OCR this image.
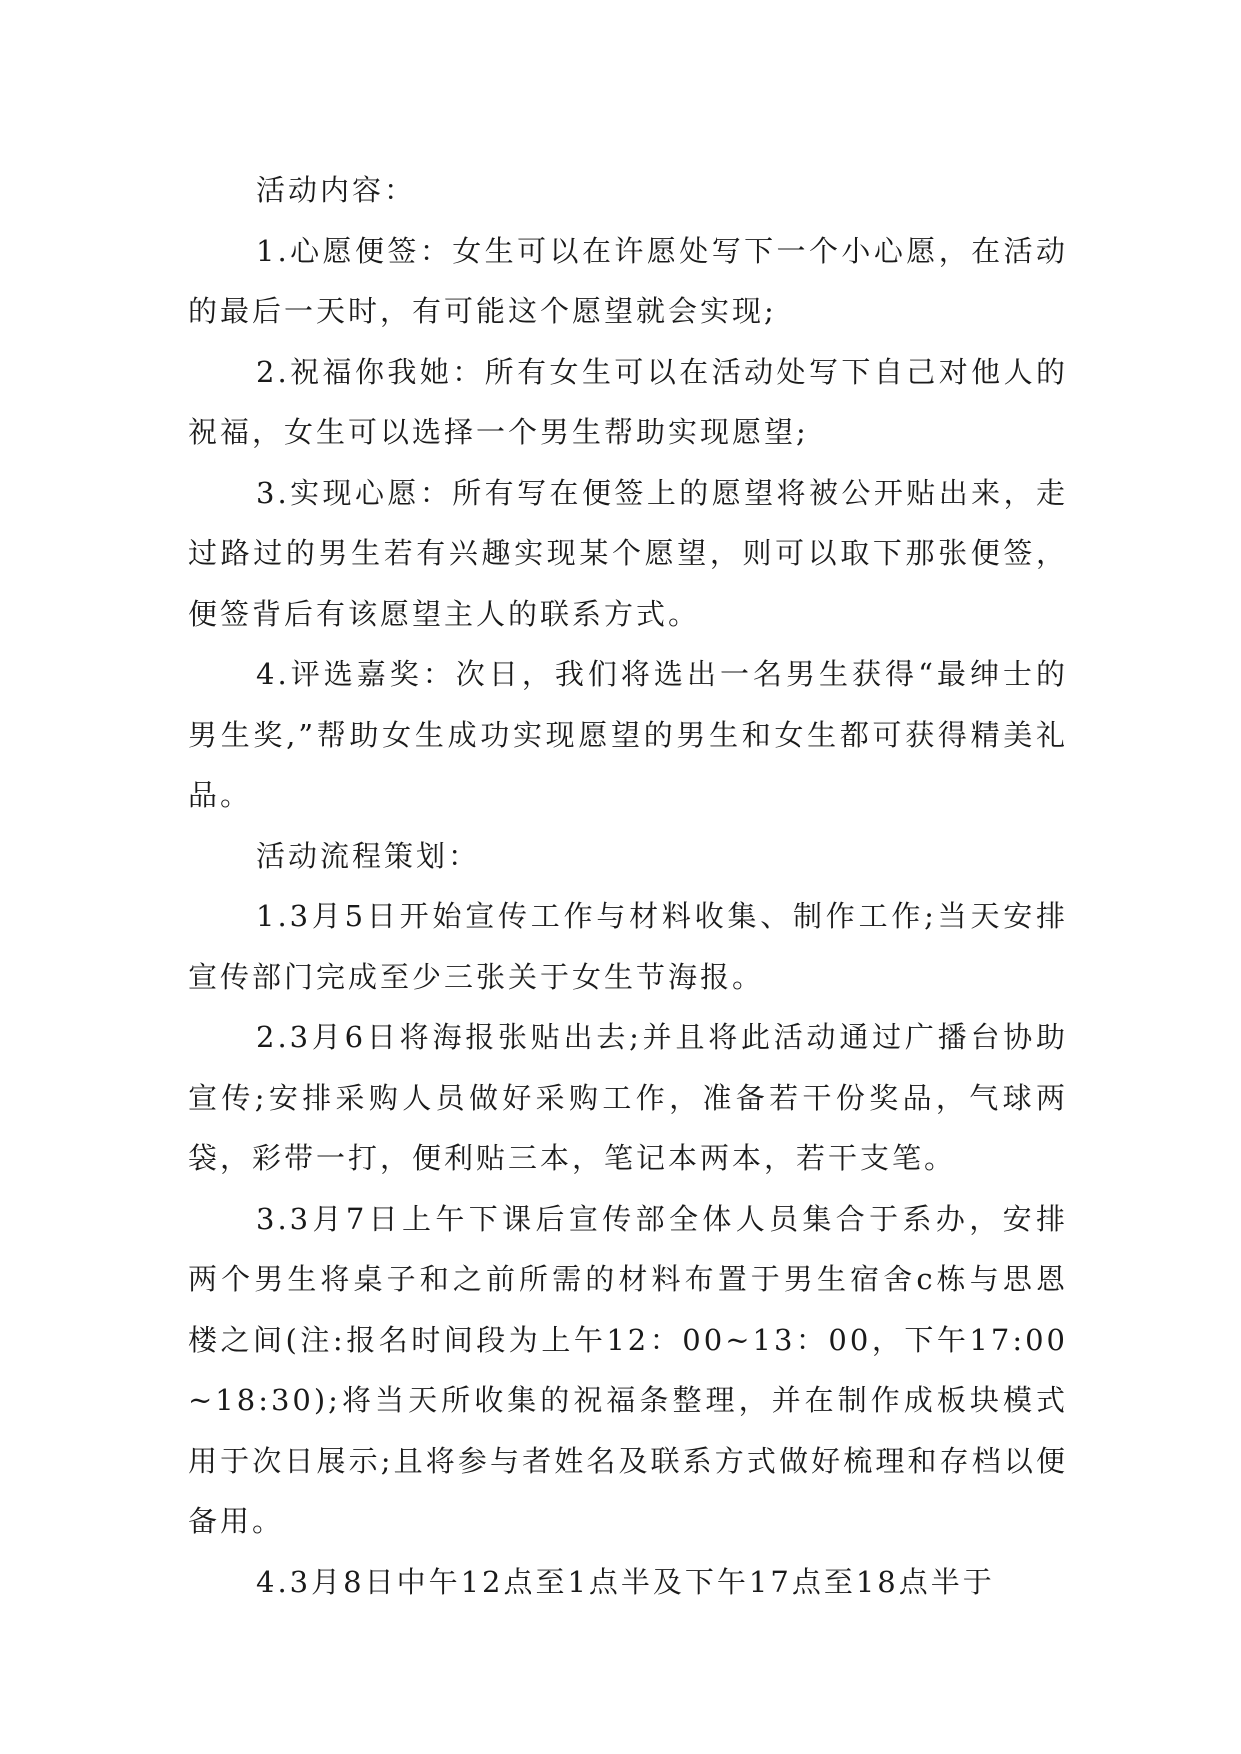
活动内容：

1.心愿便签：女生可以在许愿处写下一个小心愿，在活动的最后一天时，有可能这个愿望就会实现;

2.祝福你我她：所有女生可以在活动处写下自己对他人的祝福，女生可以选择一个男生帮助实现愿望;

3.实现心愿：所有写在便签上的愿望将被公开贴出来，走过路过的男生若有兴趣实现某个愿望，则可以取下那张便签，便签背后有该愿望主人的联系方式。

4.评选嘉奖：次日，我们将选出一名男生获得“最绅士的男生奖,”帮助女生成功实现愿望的男生和女生都可获得精美礼品。

活动流程策划：

1.3月5日开始宣传工作与材料收集、制作工作;当天安排宣传部门完成至少三张关于女生节海报。

2.3月6日将海报张贴出去;并且将此活动通过广播台协助宣传;安排采购人员做好采购工作，准备若干份奖品，气球两袋，彩带一打，便利贴三本，笔记本两本，若干支笔。

3.3月7日上午下课后宣传部全体人员集合于系办，安排两个男生将桌子和之前所需的材料布置于男生宿舍c栋与思恩楼之间(注:报名时间段为上午12：00~13：00，下午17:00~18:30);将当天所收集的祝福条整理，并在制作成板块模式用于次日展示;且将参与者姓名及联系方式做好梳理和存档以便备用。

4.3月8日中午12点至1点半及下午17点至18点半于
